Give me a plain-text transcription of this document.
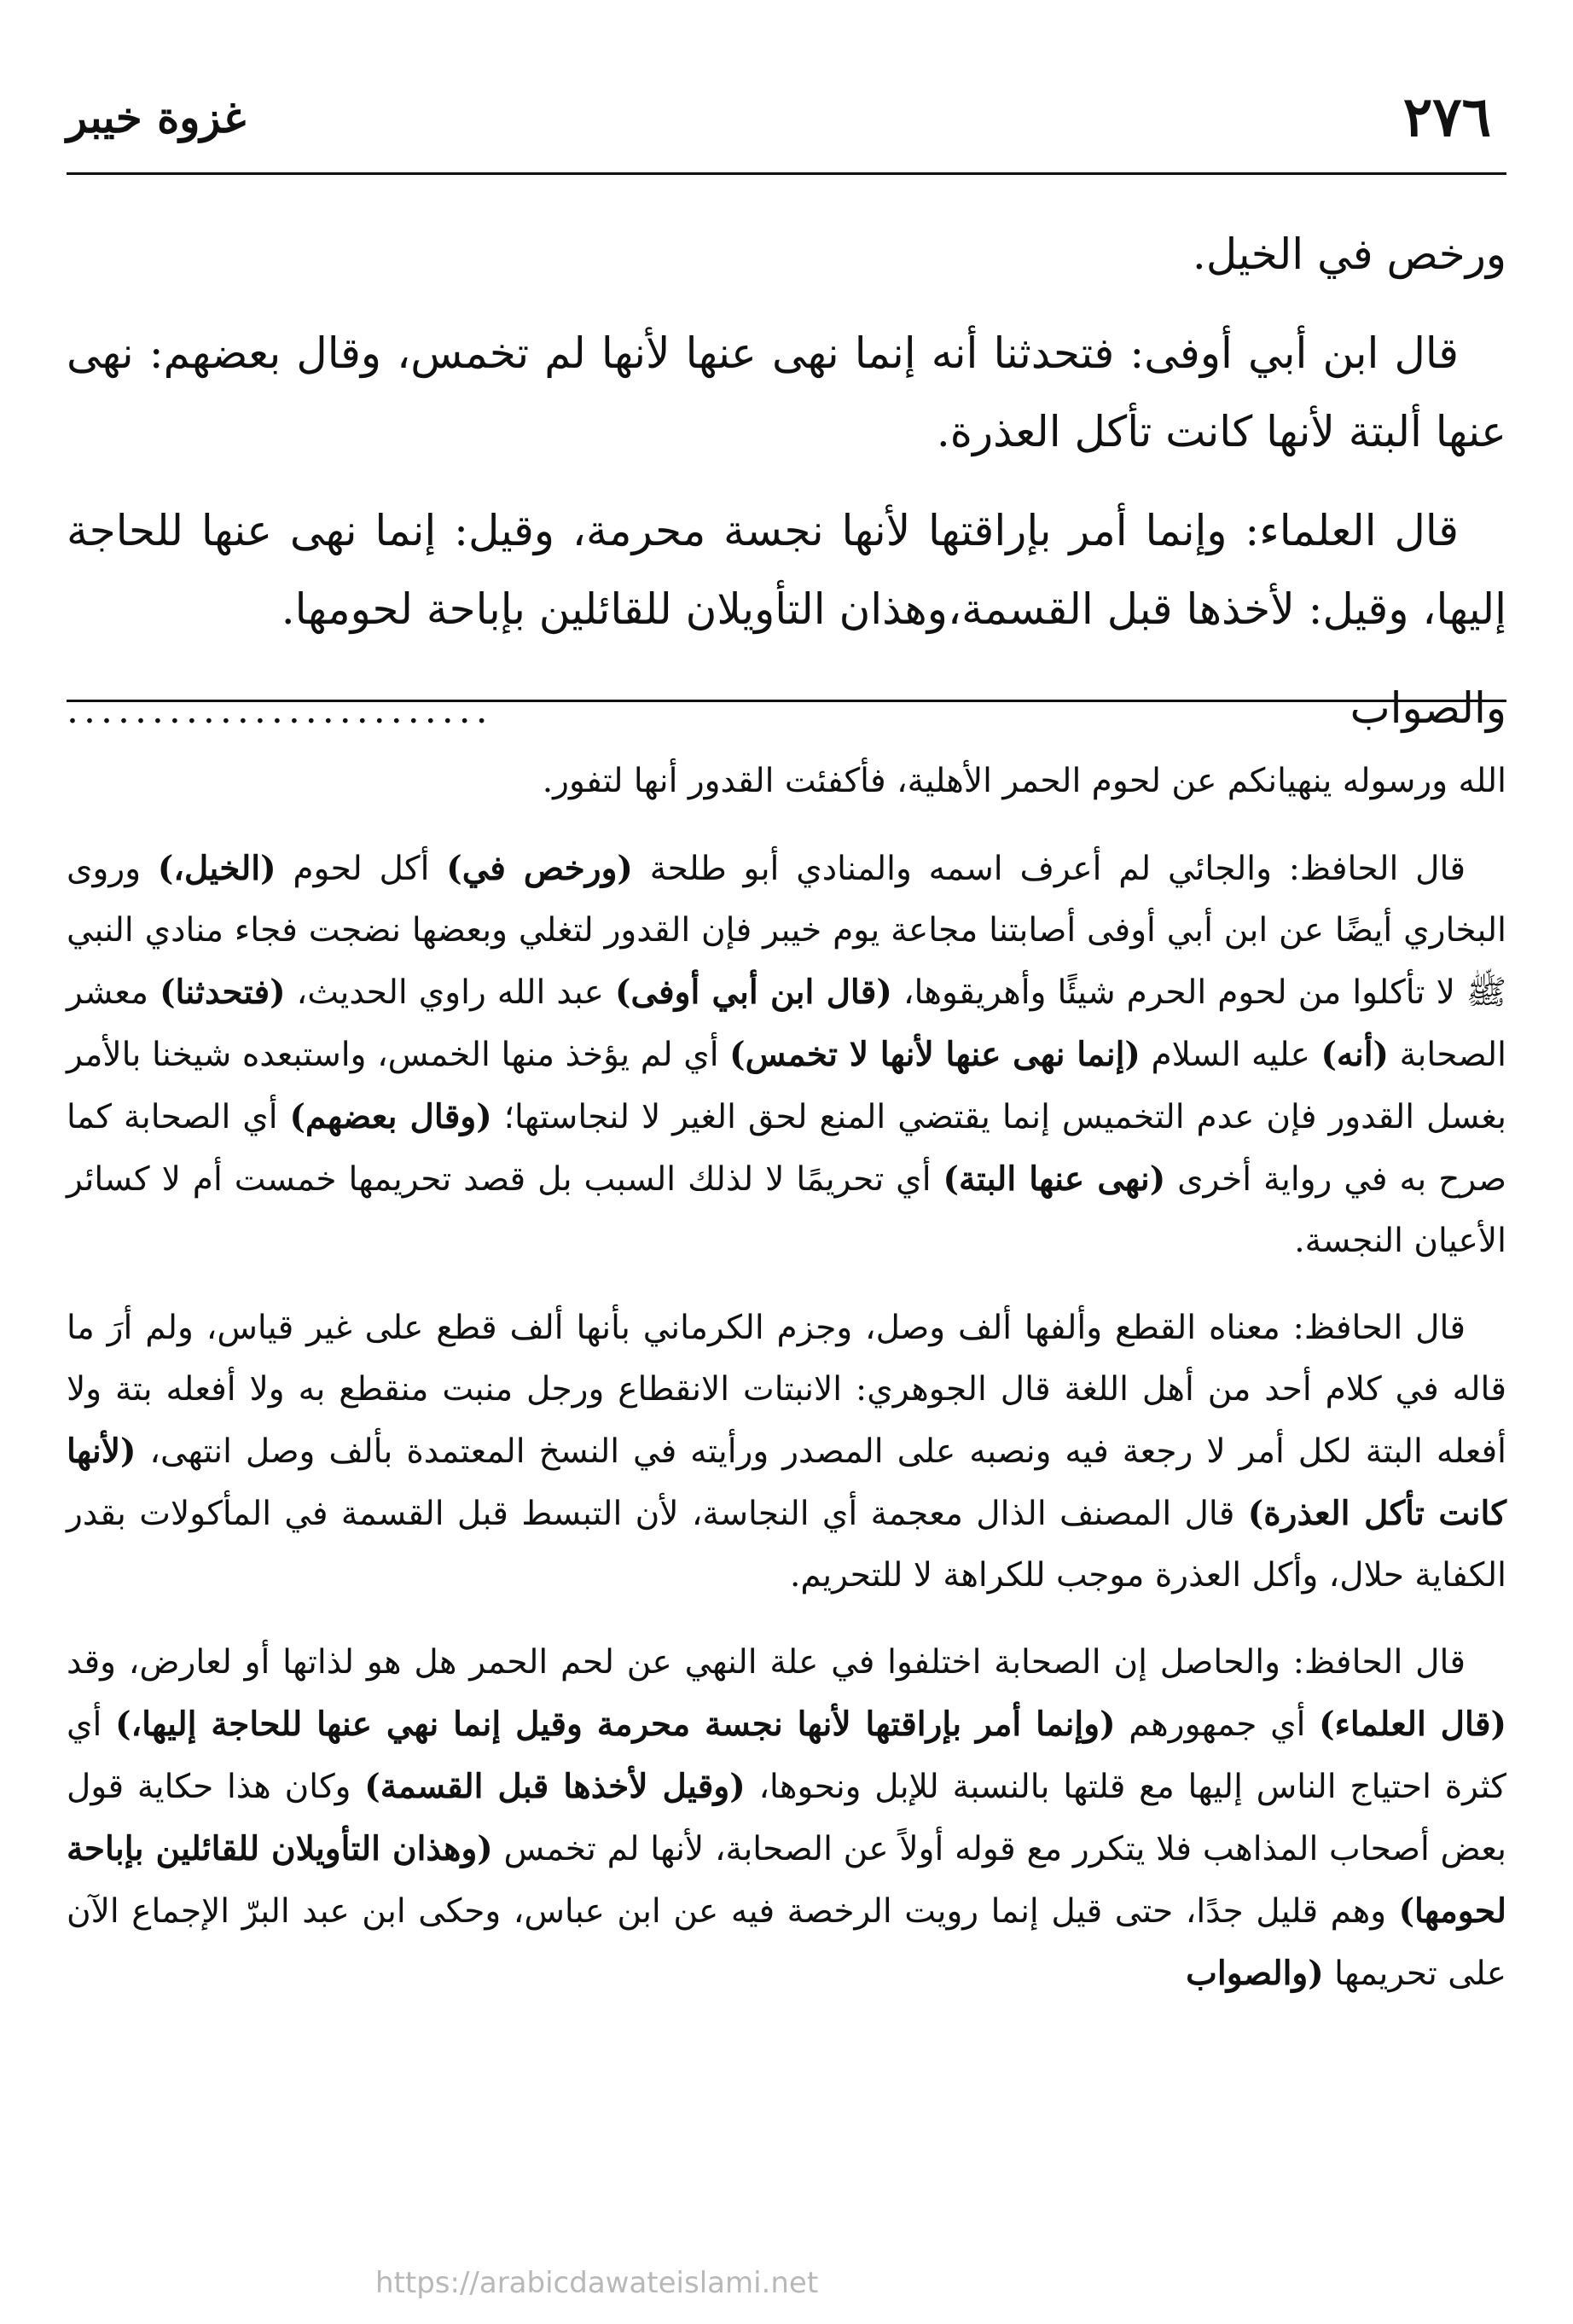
٢٧٦
غزوة خيبر

ورخص في الخيل.

قال ابن أبي أوفى: فتحدثنا أنه إنما نهى عنها لأنها لم تخمس، وقال بعضهم: نهى عنها ألبتة لأنها كانت تأكل العذرة.

قال العلماء: وإنما أمر بإراقتها لأنها نجسة محرمة، وقيل: إنما نهى عنها للحاجة إليها، وقيل: لأخذها قبل القسمة،وهذان التأويلان للقائلين بإباحة لحومها.

والصواب
.........................

الله ورسوله ينهيانكم عن لحوم الحمر الأهلية، فأكفئت القدور أنها لتفور.

قال الحافظ: والجائي لم أعرف اسمه والمنادي أبو طلحة (ورخص في) أكل لحوم (الخيل،) وروى البخاري أيضًا عن ابن أبي أوفى أصابتنا مجاعة يوم خيبر فإن القدور لتغلي وبعضها نضجت فجاء منادي النبي ﷺ لا تأكلوا من لحوم الحرم شيئًا وأهريقوها، (قال ابن أبي أوفى) عبد الله راوي الحديث، (فتحدثنا) معشر الصحابة (أنه) عليه السلام (إنما نهى عنها لأنها لا تخمس) أي لم يؤخذ منها الخمس، واستبعده شيخنا بالأمر بغسل القدور فإن عدم التخميس إنما يقتضي المنع لحق الغير لا لنجاستها؛ (وقال بعضهم) أي الصحابة كما صرح به في رواية أخرى (نهى عنها البتة) أي تحريمًا لا لذلك السبب بل قصد تحريمها خمست أم لا كسائر الأعيان النجسة.

قال الحافظ: معناه القطع وألفها ألف وصل، وجزم الكرماني بأنها ألف قطع على غير قياس، ولم أرَ ما قاله في كلام أحد من أهل اللغة قال الجوهري: الانبتات الانقطاع ورجل منبت منقطع به ولا أفعله بتة ولا أفعله البتة لكل أمر لا رجعة فيه ونصبه على المصدر ورأيته في النسخ المعتمدة بألف وصل انتهى، (لأنها كانت تأكل العذرة) قال المصنف الذال معجمة أي النجاسة، لأن التبسط قبل القسمة في المأكولات بقدر الكفاية حلال، وأكل العذرة موجب للكراهة لا للتحريم.

قال الحافظ: والحاصل إن الصحابة اختلفوا في علة النهي عن لحم الحمر هل هو لذاتها أو لعارض، وقد (قال العلماء) أي جمهورهم (وإنما أمر بإراقتها لأنها نجسة محرمة وقيل إنما نهي عنها للحاجة إليها،) أي كثرة احتياج الناس إليها مع قلتها بالنسبة للإبل ونحوها، (وقيل لأخذها قبل القسمة) وكان هذا حكاية قول بعض أصحاب المذاهب فلا يتكرر مع قوله أولاً عن الصحابة، لأنها لم تخمس (وهذان التأويلان للقائلين بإباحة لحومها) وهم قليل جدًا، حتى قيل إنما رويت الرخصة فيه عن ابن عباس، وحكى ابن عبد البرّ الإجماع الآن على تحريمها (والصواب

https://arabicdawateislami.net
